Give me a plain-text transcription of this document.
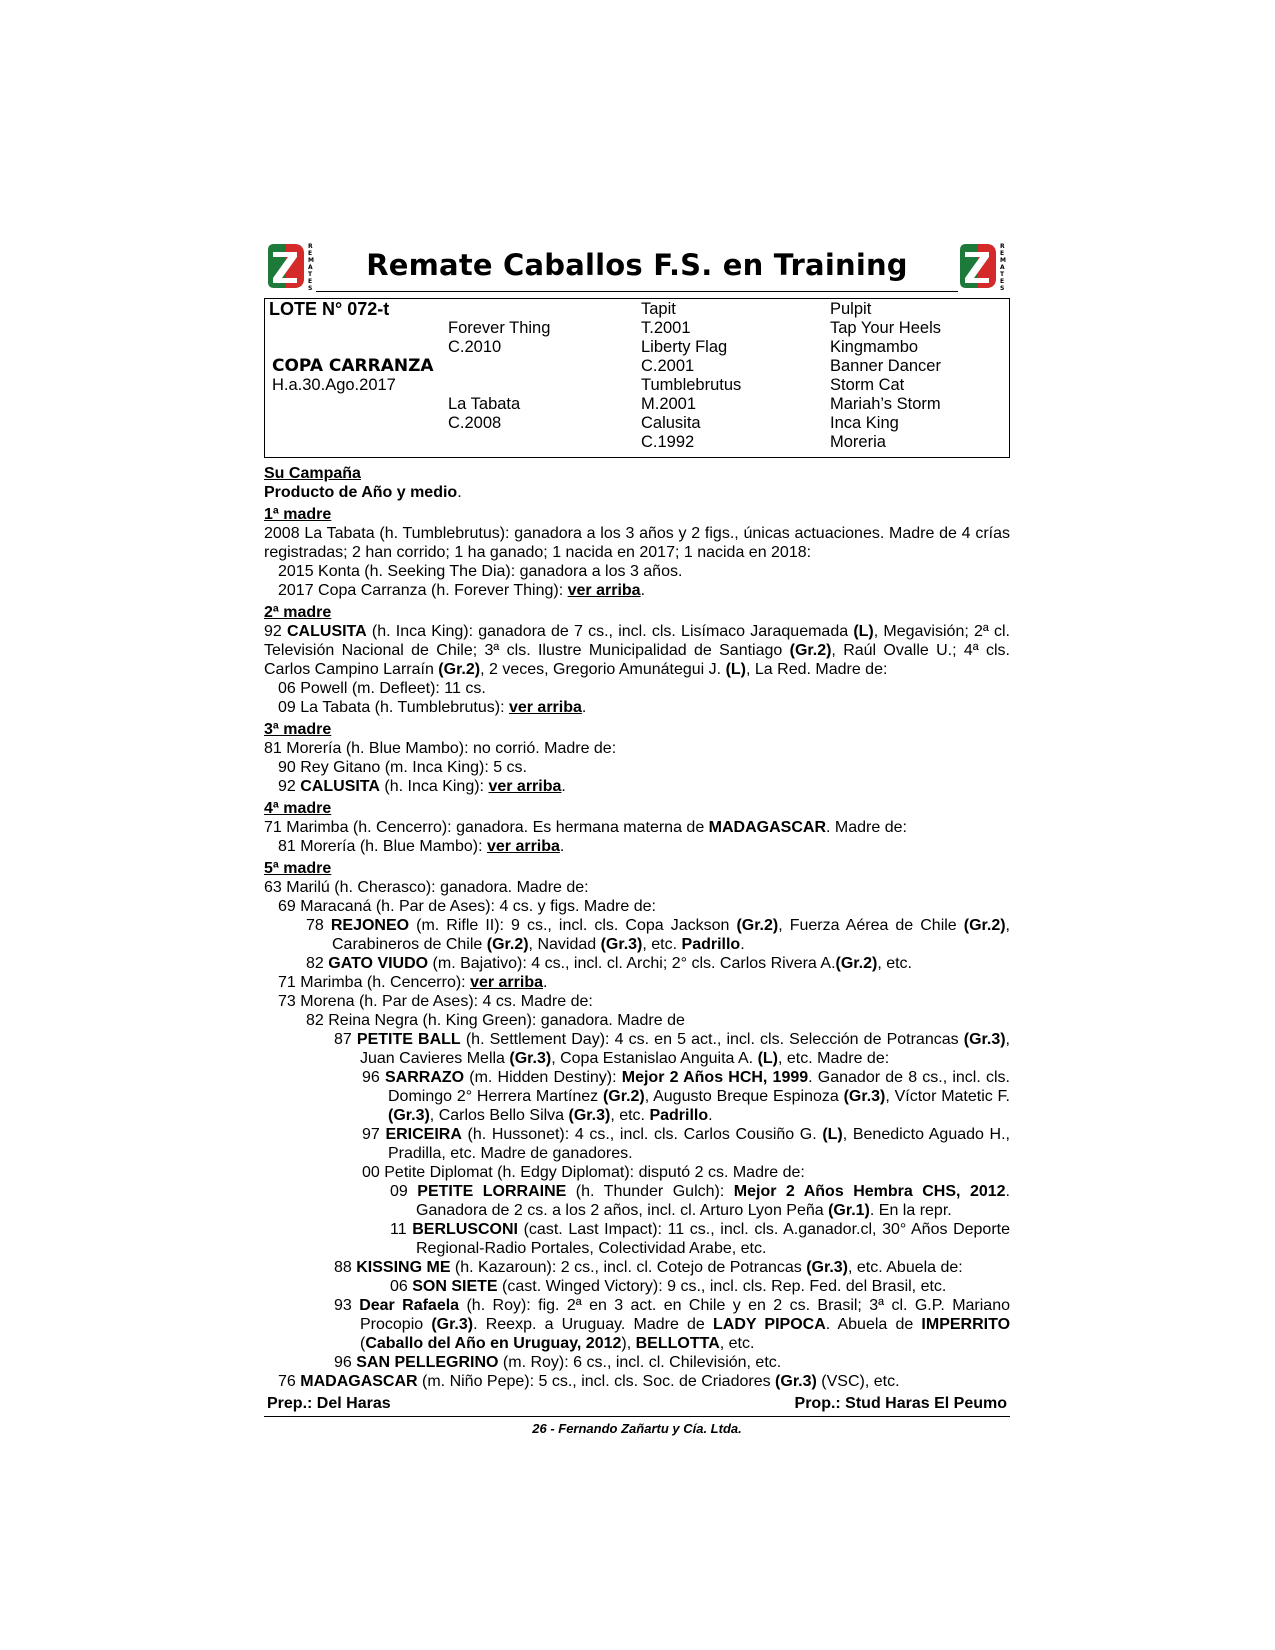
R
E
M
A
T
E
S
Remate Caballos F.S. en Training
R
E
M
A
T
E
S
LOTE N° 072-t
COPA CARRANZA
H.a.30.Ago.2017
Forever Thing
C.2010
La Tabata
C.2008
Tapit
T.2001
Liberty Flag
C.2001
Tumblebrutus
M.2001
Calusita
C.1992
Pulpit
Tap Your Heels
Kingmambo
Banner Dancer
Storm Cat
Mariah’s Storm
Inca King
Moreria

Su Campaña

Producto de Año y medio.

1ª madre

2008 La Tabata (h. Tumblebrutus): ganadora a los 3 años y 2 figs., únicas actuaciones. Madre de 4 crías registradas; 2 han corrido; 1 ha ganado; 1 nacida en 2017; 1 nacida en 2018:

2015 Konta (h. Seeking The Dia): ganadora a los 3 años.

2017 Copa Carranza (h. Forever Thing): ver arriba.

2ª madre

92 CALUSITA (h. Inca King): ganadora de 7 cs., incl. cls. Lisímaco Jaraquemada (L), Megavisión; 2ª cl. Televisión Nacional de Chile; 3ª cls. Ilustre Municipalidad de Santiago (Gr.2), Raúl Ovalle U.; 4ª cls. Carlos Campino Larraín (Gr.2), 2 veces, Gregorio Amunátegui J. (L), La Red. Madre de:

06 Powell (m. Defleet): 11 cs.

09 La Tabata (h. Tumblebrutus): ver arriba.

3ª madre

81 Morería (h. Blue Mambo): no corrió. Madre de:

90 Rey Gitano (m. Inca King): 5 cs.

92 CALUSITA (h. Inca King): ver arriba.

4ª madre

71 Marimba (h. Cencerro): ganadora. Es hermana materna de MADAGASCAR. Madre de:

81 Morería (h. Blue Mambo): ver arriba.

5ª madre

63 Marilú (h. Cherasco): ganadora. Madre de:

69 Maracaná (h. Par de Ases): 4 cs. y figs. Madre de:

78 REJONEO (m. Rifle II): 9 cs., incl. cls. Copa Jackson (Gr.2), Fuerza Aérea de Chile (Gr.2), Carabineros de Chile (Gr.2), Navidad (Gr.3), etc. Padrillo.

82 GATO VIUDO (m. Bajativo): 4 cs., incl. cl. Archi; 2° cls. Carlos Rivera A.(Gr.2), etc.

71 Marimba (h. Cencerro): ver arriba.

73 Morena (h. Par de Ases): 4 cs. Madre de:

82 Reina Negra (h. King Green): ganadora. Madre de

87 PETITE BALL (h. Settlement Day): 4 cs. en 5 act., incl. cls. Selección de Potrancas (Gr.3), Juan Cavieres Mella (Gr.3), Copa Estanislao Anguita A. (L), etc. Madre de:

96 SARRAZO (m. Hidden Destiny): Mejor 2 Años HCH, 1999. Ganador de 8 cs., incl. cls. Domingo 2° Herrera Martínez (Gr.2), Augusto Breque Espinoza (Gr.3), Víctor Matetic F. (Gr.3), Carlos Bello Silva (Gr.3), etc. Padrillo.

97 ERICEIRA (h. Hussonet): 4 cs., incl. cls. Carlos Cousiño G. (L), Benedicto Aguado H., Pradilla, etc. Madre de ganadores.

00 Petite Diplomat (h. Edgy Diplomat): disputó 2 cs. Madre de:

09 PETITE LORRAINE (h. Thunder Gulch): Mejor 2 Años Hembra CHS, 2012. Ganadora de 2 cs. a los 2 años, incl. cl. Arturo Lyon Peña (Gr.1). En la repr.

11 BERLUSCONI (cast. Last Impact): 11 cs., incl. cls. A.ganador.cl, 30° Años Deporte Regional-Radio Portales, Colectividad Arabe, etc.

88 KISSING ME (h. Kazaroun): 2 cs., incl. cl. Cotejo de Potrancas (Gr.3), etc. Abuela de:

06 SON SIETE (cast. Winged Victory): 9 cs., incl. cls. Rep. Fed. del Brasil, etc.

93 Dear Rafaela (h. Roy): fig. 2ª en 3 act. en Chile y en 2 cs. Brasil; 3ª cl. G.P. Mariano Procopio (Gr.3). Reexp. a Uruguay. Madre de LADY PIPOCA. Abuela de IMPERRITO (Caballo del Año en Uruguay, 2012), BELLOTTA, etc.

96 SAN PELLEGRINO (m. Roy): 6 cs., incl. cl. Chilevisión, etc.

76 MADAGASCAR (m. Niño Pepe): 5 cs., incl. cls. Soc. de Criadores (Gr.3) (VSC), etc.

Prep.: Del Haras	Prop.: Stud Haras El Peumo
26 - Fernando Zañartu y Cía. Ltda.
